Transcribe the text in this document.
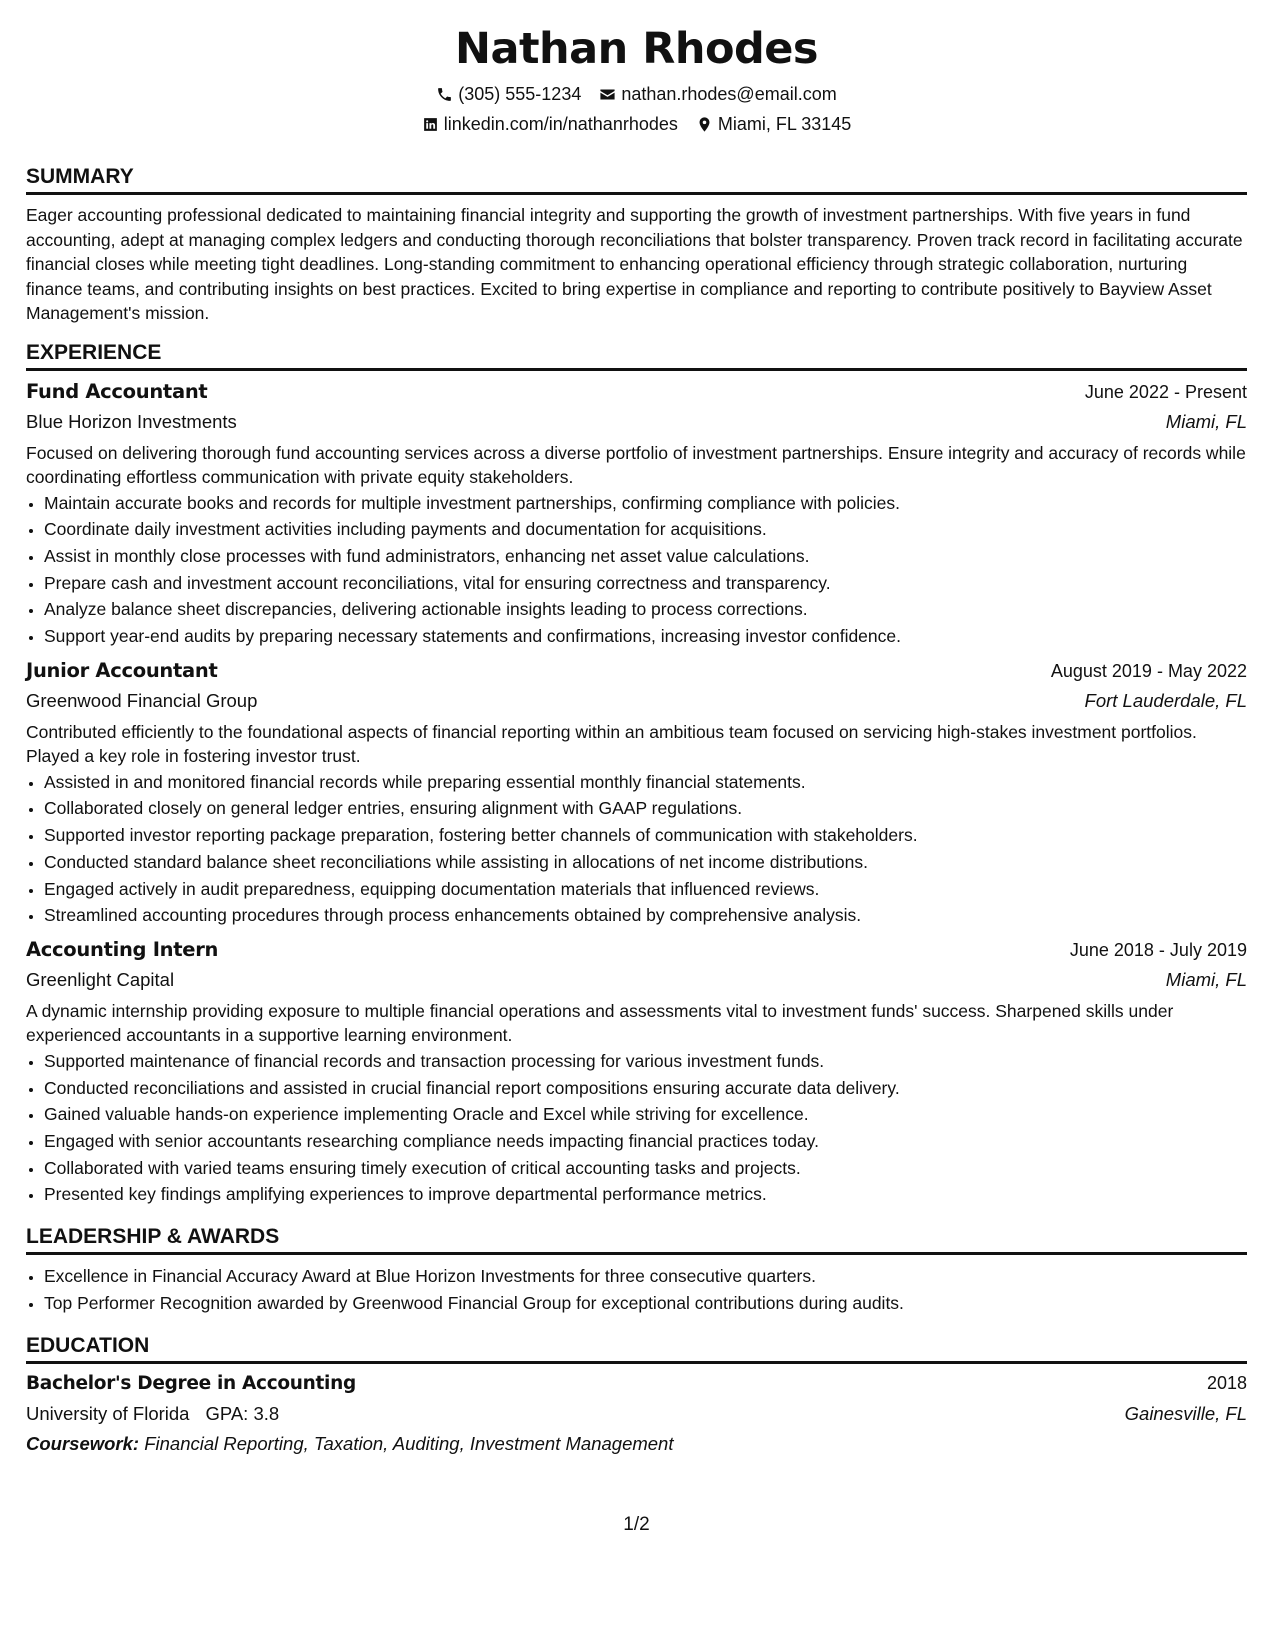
Nathan Rhodes
(305) 555-1234 nathan.rhodes@email.com
linkedin.com/in/nathanrhodes Miami, FL 33145
SUMMARY

Eager accounting professional dedicated to maintaining financial integrity and supporting the growth of investment partnerships. With five years in fund accounting, adept at managing complex ledgers and conducting thorough reconciliations that bolster transparency. Proven track record in facilitating accurate financial closes while meeting tight deadlines. Long-standing commitment to enhancing operational efficiency through strategic collaboration, nurturing finance teams, and contributing insights on best practices. Excited to bring expertise in compliance and reporting to contribute positively to Bayview Asset Management's mission.

EXPERIENCE
Fund Accountant	June 2022 - Present
Blue Horizon Investments	Miami, FL

Focused on delivering thorough fund accounting services across a diverse portfolio of investment partnerships. Ensure integrity and accuracy of records while coordinating effortless communication with private equity stakeholders.

• Maintain accurate books and records for multiple investment partnerships, confirming compliance with policies.
• Coordinate daily investment activities including payments and documentation for acquisitions.
• Assist in monthly close processes with fund administrators, enhancing net asset value calculations.
• Prepare cash and investment account reconciliations, vital for ensuring correctness and transparency.
• Analyze balance sheet discrepancies, delivering actionable insights leading to process corrections.
• Support year-end audits by preparing necessary statements and confirmations, increasing investor confidence.
Junior Accountant	August 2019 - May 2022
Greenwood Financial Group	Fort Lauderdale, FL

Contributed efficiently to the foundational aspects of financial reporting within an ambitious team focused on servicing high-stakes investment portfolios. Played a key role in fostering investor trust.

• Assisted in and monitored financial records while preparing essential monthly financial statements.
• Collaborated closely on general ledger entries, ensuring alignment with GAAP regulations.
• Supported investor reporting package preparation, fostering better channels of communication with stakeholders.
• Conducted standard balance sheet reconciliations while assisting in allocations of net income distributions.
• Engaged actively in audit preparedness, equipping documentation materials that influenced reviews.
• Streamlined accounting procedures through process enhancements obtained by comprehensive analysis.
Accounting Intern	June 2018 - July 2019
Greenlight Capital	Miami, FL

A dynamic internship providing exposure to multiple financial operations and assessments vital to investment funds' success. Sharpened skills under experienced accountants in a supportive learning environment.

• Supported maintenance of financial records and transaction processing for various investment funds.
• Conducted reconciliations and assisted in crucial financial report compositions ensuring accurate data delivery.
• Gained valuable hands-on experience implementing Oracle and Excel while striving for excellence.
• Engaged with senior accountants researching compliance needs impacting financial practices today.
• Collaborated with varied teams ensuring timely execution of critical accounting tasks and projects.
• Presented key findings amplifying experiences to improve departmental performance metrics.
LEADERSHIP & AWARDS
• Excellence in Financial Accuracy Award at Blue Horizon Investments for three consecutive quarters.
• Top Performer Recognition awarded by Greenwood Financial Group for exceptional contributions during audits.
EDUCATION
Bachelor's Degree in Accounting	2018
University of Florida GPA: 3.8	Gainesville, FL
Coursework: Financial Reporting, Taxation, Auditing, Investment Management
1/2
